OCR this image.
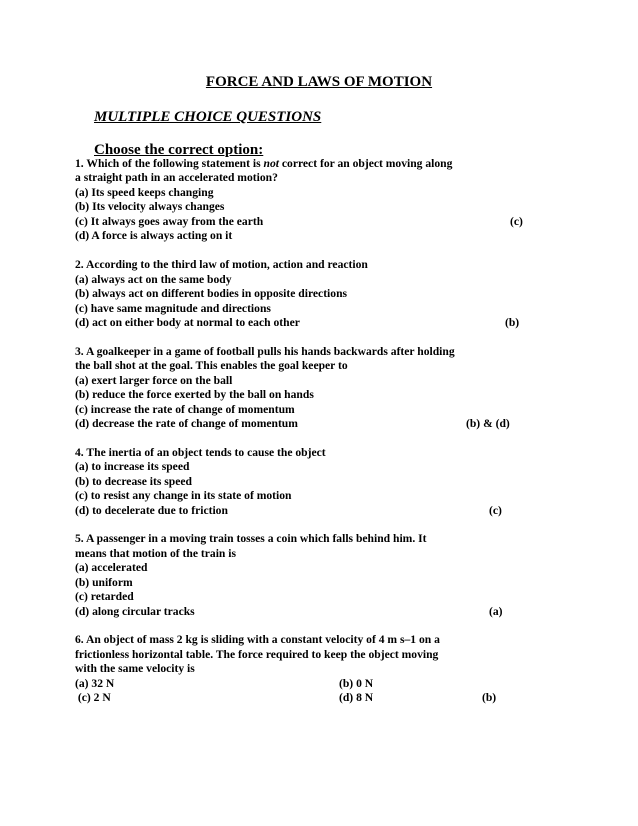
FORCE AND LAWS OF MOTION
MULTIPLE CHOICE QUESTIONS
Choose the correct option:
1. Which of the following statement is not correct for an object moving along
a straight path in an accelerated motion?
(a) Its speed keeps changing
(b) Its velocity always changes
(c) It always goes away from the earth
(d) A force is always acting on it
(c)
2. According to the third law of motion, action and reaction
(a) always act on the same body
(b) always act on different bodies in opposite directions
(c) have same magnitude and directions
(d) act on either body at normal to each other	(b)
3. A goalkeeper in a game of football pulls his hands backwards after holding
the ball shot at the goal. This enables the goal keeper to
(a) exert larger force on the ball
(b) reduce the force exerted by the ball on hands
(c) increase the rate of change of momentum
(d) decrease the rate of change of momentum	(b) & (d)
4. The inertia of an object tends to cause the object
(a) to increase its speed
(b) to decrease its speed
(c) to resist any change in its state of motion
(d) to decelerate due to friction	(c)
5. A passenger in a moving train tosses a coin which falls behind him. It
means that motion of the train is
(a) accelerated
(b) uniform
(c) retarded
(d) along circular tracks	(a)
6. An object of mass 2 kg is sliding with a constant velocity of 4 m s–1 on a
frictionless horizontal table. The force required to keep the object moving
with the same velocity is
(a) 32 N	(b) 0 N
(c) 2 N	(d) 8 N	(b)
